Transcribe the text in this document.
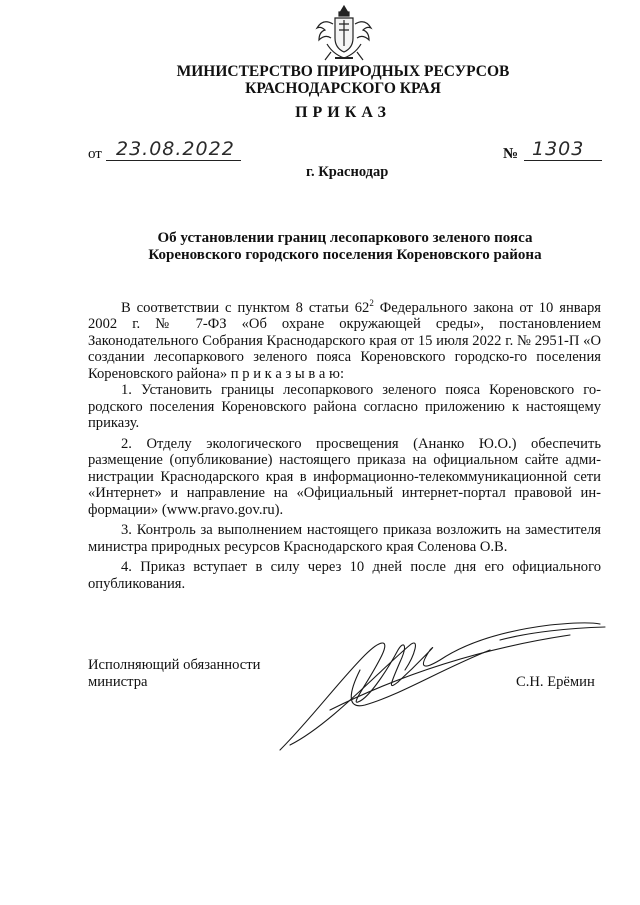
МИНИСТЕРСТВО ПРИРОДНЫХ РЕСУРСОВ
КРАСНОДАРСКОГО КРАЯ
ПРИКАЗ
от 23.08.2022	№ 1303
г. Краснодар
Об установлении границ лесопаркового зеленого пояса
Кореновского городского поселения Кореновского района

В соответствии с пунктом 8 статьи $62^2$ Федерального закона от 10 января 2002 г. № 7-ФЗ «Об охране окружающей среды», постановлением Законодательного Собрания Краснодарского края от 15 июля 2022 г. № 2951-П «О создании лесопаркового зеленого пояса Кореновского городско-го поселения Кореновского района» п р и к а з ы в а ю:

1. Установить границы лесопаркового зеленого пояса Кореновского го-родского поселения Кореновского района согласно приложению к настоящему приказу.

2. Отделу экологического просвещения (Ананко Ю.О.) обеспечить размещение (опубликование) настоящего приказа на официальном сайте адми-нистрации Краснодарского края в информационно-телекоммуникационной сети «Интернет» и направление на «Официальный интернет-портал правовой ин-формации» (www.pravo.gov.ru).

3. Контроль за выполнением настоящего приказа возложить на заместителя министра природных ресурсов Краснодарского края Соленова О.В.

4. Приказ вступает в силу через 10 дней после дня его официального опубликования.

Исполняющий обязанности
министра	С.Н. Ерёмин
